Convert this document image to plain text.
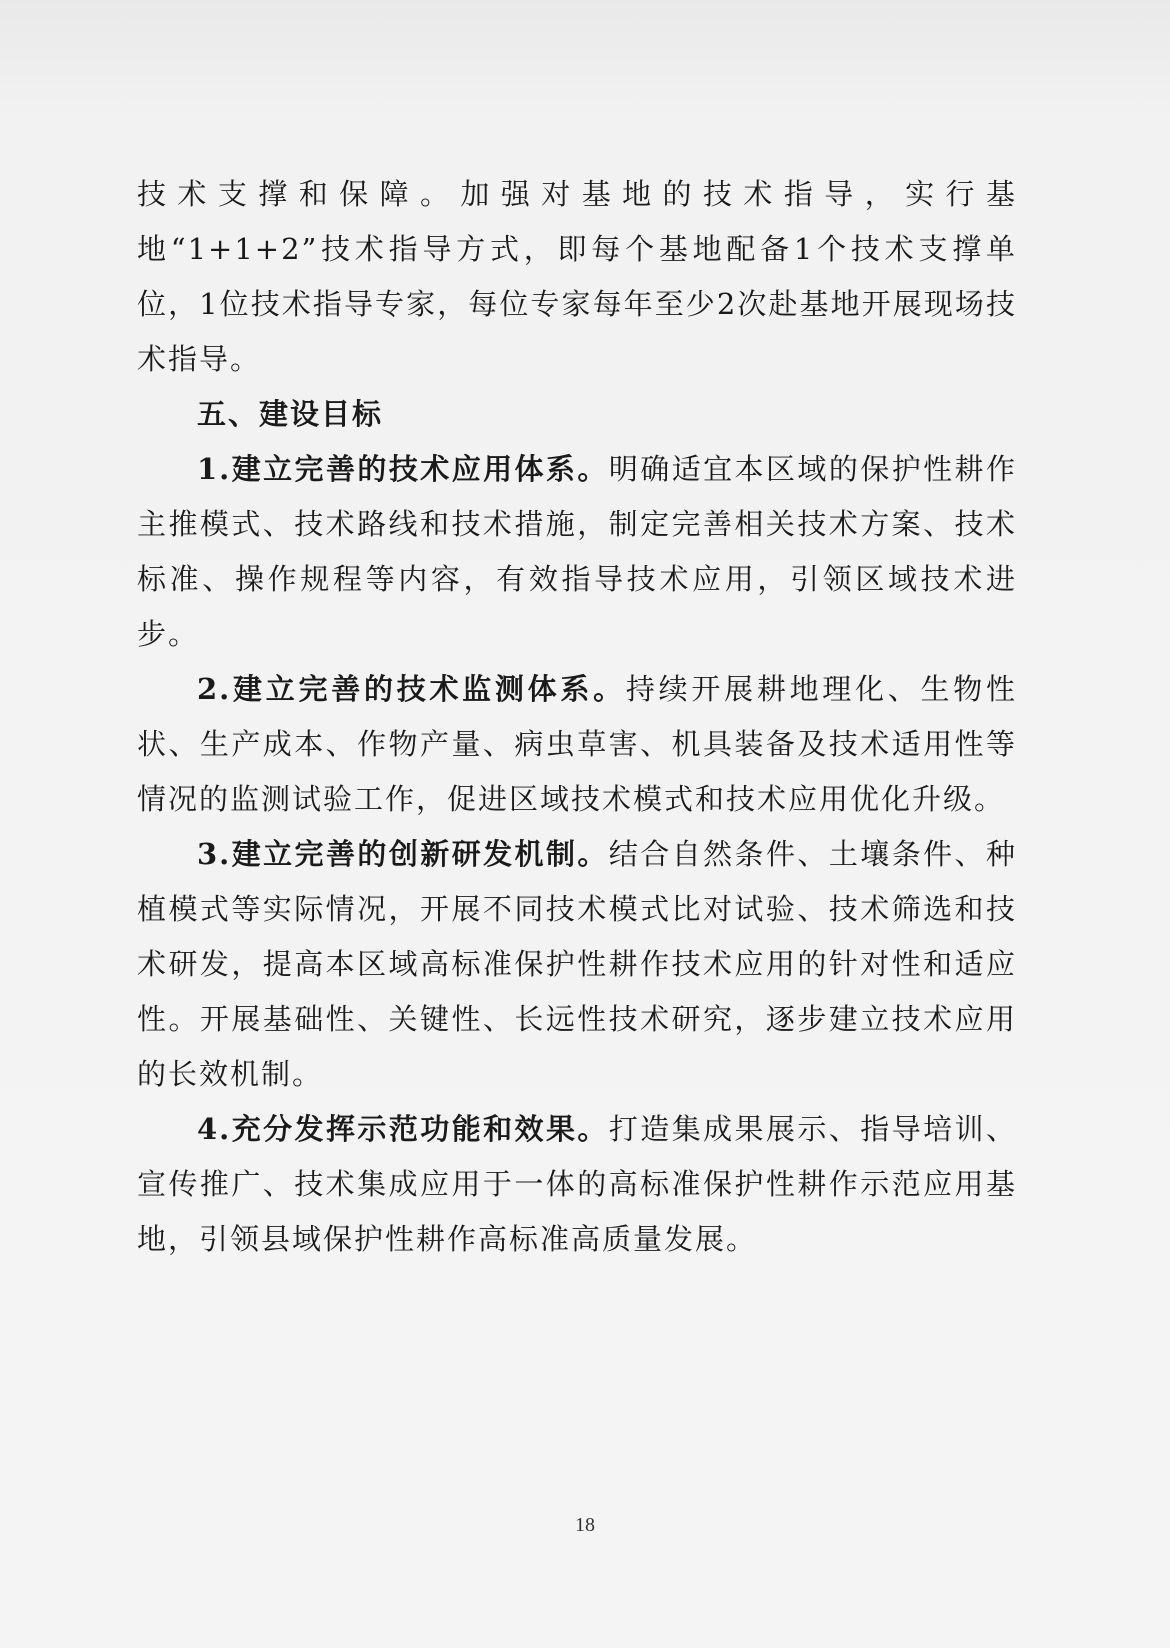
技术支撑和保障。加强对基地的技术指导，实行基地“1+1+2”技术指导方式，即每个基地配备1个技术支撑单位，1位技术指导专家，每位专家每年至少2次赴基地开展现场技术指导。

五、建设目标

1.建立完善的技术应用体系。明确适宜本区域的保护性耕作主推模式、技术路线和技术措施，制定完善相关技术方案、技术标准、操作规程等内容，有效指导技术应用，引领区域技术进步。

2.建立完善的技术监测体系。持续开展耕地理化、生物性状、生产成本、作物产量、病虫草害、机具装备及技术适用性等情况的监测试验工作，促进区域技术模式和技术应用优化升级。

3.建立完善的创新研发机制。结合自然条件、土壤条件、种植模式等实际情况，开展不同技术模式比对试验、技术筛选和技术研发，提高本区域高标准保护性耕作技术应用的针对性和适应性。开展基础性、关键性、长远性技术研究，逐步建立技术应用的长效机制。

4.充分发挥示范功能和效果。打造集成果展示、指导培训、宣传推广、技术集成应用于一体的高标准保护性耕作示范应用基地，引领县域保护性耕作高标准高质量发展。

18
